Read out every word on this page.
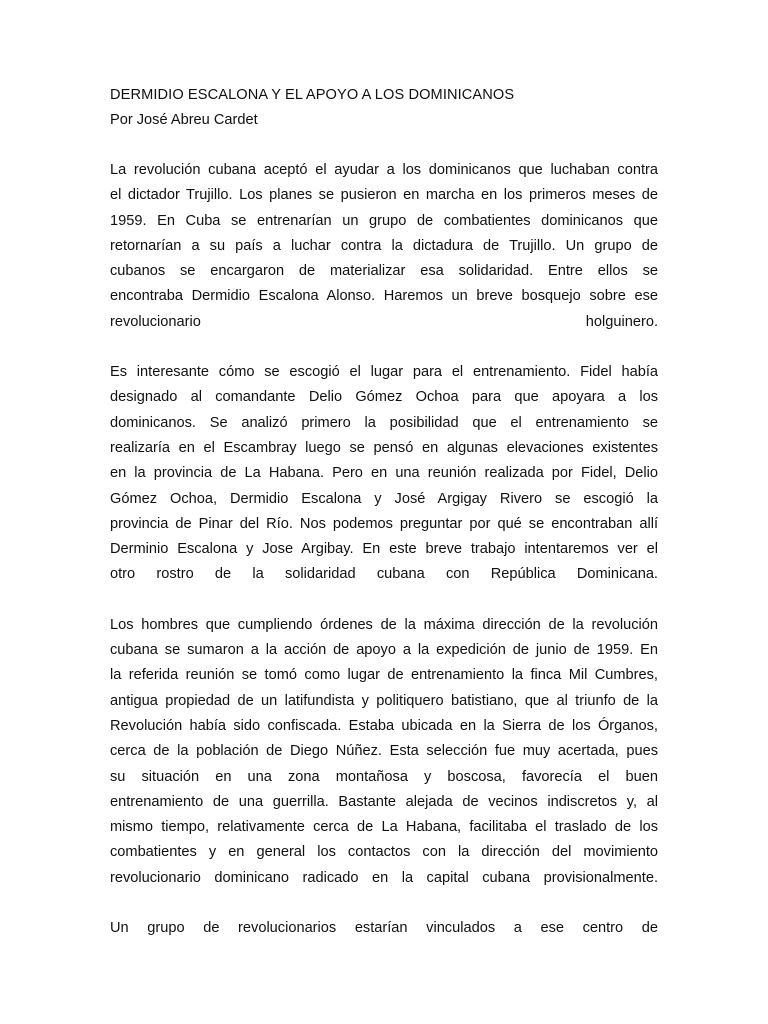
DERMIDIO ESCALONA Y EL APOYO A LOS DOMINICANOS
Por José Abreu Cardet
La revolución cubana aceptó el ayudar a los dominicanos que luchaban contra
el dictador Trujillo. Los planes se pusieron en marcha en los primeros meses de
1959. En Cuba se entrenarían un grupo de combatientes dominicanos que
retornarían a su país a luchar contra la dictadura de Trujillo. Un grupo de
cubanos se encargaron de materializar esa solidaridad. Entre ellos se
encontraba Dermidio Escalona Alonso. Haremos un breve bosquejo sobre ese
revolucionario holguinero.
Es interesante cómo se escogió el lugar para el entrenamiento. Fidel había
designado al comandante Delio Gómez Ochoa para que apoyara a los
dominicanos. Se analizó primero la posibilidad que el entrenamiento se
realizaría en el Escambray luego se pensó en algunas elevaciones existentes
en la provincia de La Habana. Pero en una reunión realizada por Fidel, Delio
Gómez Ochoa, Dermidio Escalona y José Argigay Rivero se escogió la
provincia de Pinar del Río. Nos podemos preguntar por qué se encontraban allí
Derminio Escalona y Jose Argibay. En este breve trabajo intentaremos ver el
otro rostro de la solidaridad cubana con República Dominicana.
Los hombres que cumpliendo órdenes de la máxima dirección de la revolución
cubana se sumaron a la acción de apoyo a la expedición de junio de 1959. En
la referida reunión se tomó como lugar de entrenamiento la finca Mil Cumbres,
antigua propiedad de un latifundista y politiquero batistiano, que al triunfo de la
Revolución había sido confiscada. Estaba ubicada en la Sierra de los Órganos,
cerca de la población de Diego Núñez. Esta selección fue muy acertada, pues
su situación en una zona montañosa y boscosa, favorecía el buen
entrenamiento de una guerrilla. Bastante alejada de vecinos indiscretos y, al
mismo tiempo, relativamente cerca de La Habana, facilitaba el traslado de los
combatientes y en general los contactos con la dirección del movimiento
revolucionario dominicano radicado en la capital cubana provisionalmente.
Un grupo de revolucionarios estarían vinculados a ese centro de
